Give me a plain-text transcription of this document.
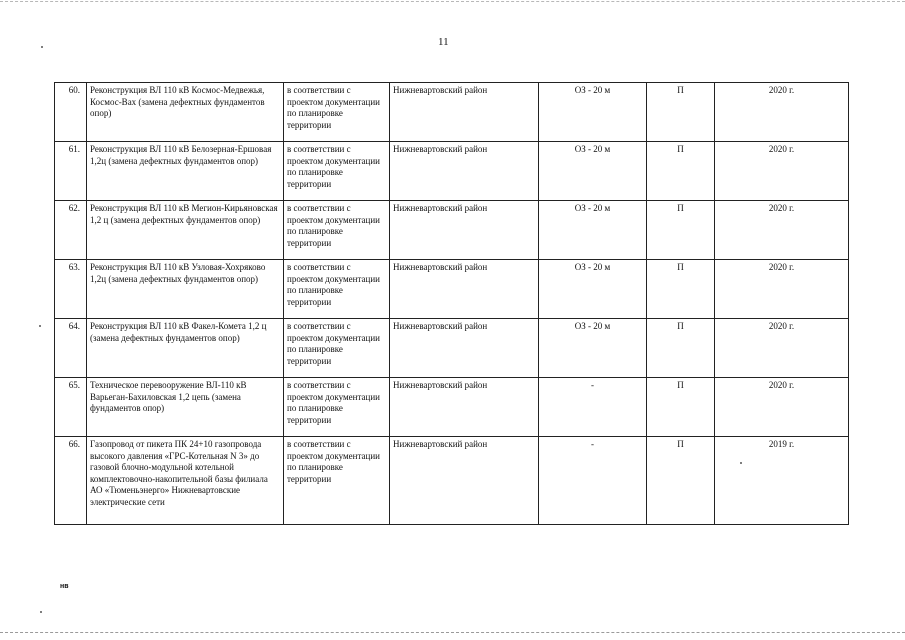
11
60.	Реконструкция ВЛ 110 кВ Космос-Медвежья, Космос-Вах (замена дефектных фундаментов опор)	в соответствии с проектом документации по планировке территории	Нижневартовский район	ОЗ - 20 м	П	2020 г.
61.	Реконструкция ВЛ 110 кВ Белозерная-Ершовая 1,2ц (замена дефектных фундаментов опор)	в соответствии с проектом документации по планировке территории	Нижневартовский район	ОЗ - 20 м	П	2020 г.
62.	Реконструкция ВЛ 110 кВ Мегион-Кирьяновская 1,2 ц (замена дефектных фундаментов опор)	в соответствии с проектом документации по планировке территории	Нижневартовский район	ОЗ - 20 м	П	2020 г.
63.	Реконструкция ВЛ 110 кВ Узловая-Хохряково 1,2ц (замена дефектных фундаментов опор)	в соответствии с проектом документации по планировке территории	Нижневартовский район	ОЗ - 20 м	П	2020 г.
64.	Реконструкция ВЛ 110 кВ Факел-Комета 1,2 ц (замена дефектных фундаментов опор)	в соответствии с проектом документации по планировке территории	Нижневартовский район	ОЗ - 20 м	П	2020 г.
65.	Техническое перевооружение ВЛ-110 кВ Варьеган-Бахиловская 1,2 цепь (замена фундаментов опор)	в соответствии с проектом документации по планировке территории	Нижневартовский район	-	П	2020 г.
66.	Газопровод от пикета ПК 24+10 газопровода высокого давления «ГРС-Котельная N 3» до газовой блочно-модульной котельной комплектовочно-накопительной базы филиала АО «Тюменьэнерго» Нижневартовские электрические сети	в соответствии с проектом документации по планировке территории	Нижневартовский район	-	П	2019 г.
нв
